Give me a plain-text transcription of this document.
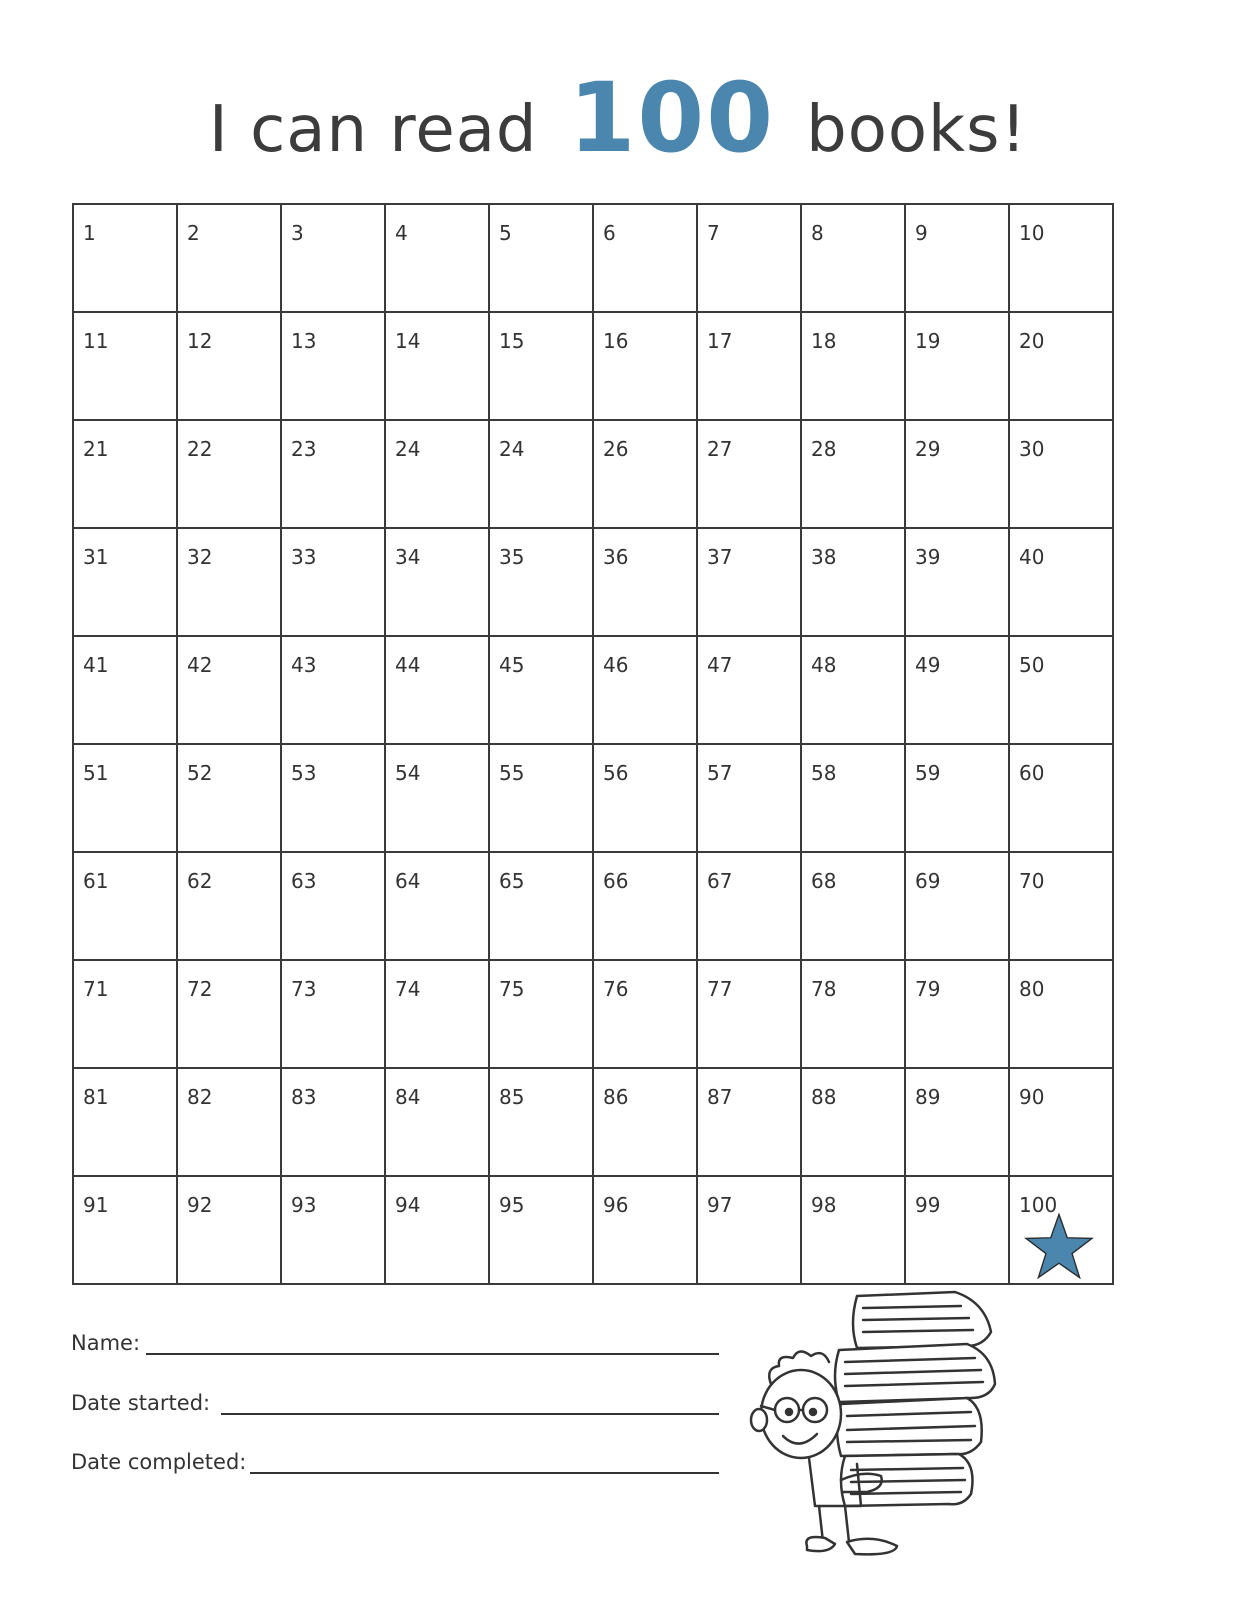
I can read 100 books!
1	2	3	4	5	6	7	8	9	10

11	12	13	14	15	16	17	18	19	20

21	22	23	24	24	26	27	28	29	30

31	32	33	34	35	36	37	38	39	40

41	42	43	44	45	46	47	48	49	50

51	52	53	54	55	56	57	58	59	60

61	62	63	64	65	66	67	68	69	70

71	72	73	74	75	76	77	78	79	80

81	82	83	84	85	86	87	88	89	90

91	92	93	94	95	96	97	98	99	100
Name:
Date started:
Date completed:
